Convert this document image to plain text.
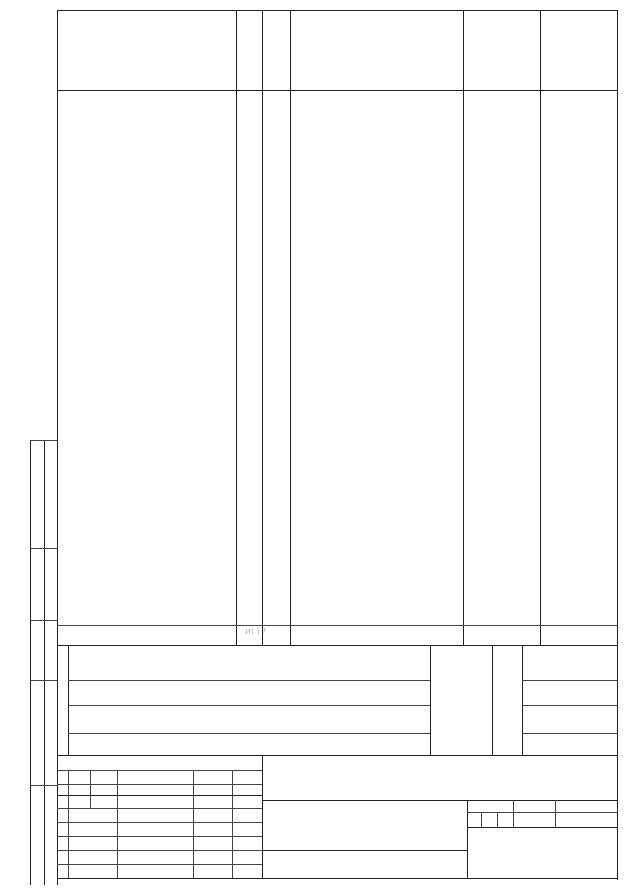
и\ \ !
